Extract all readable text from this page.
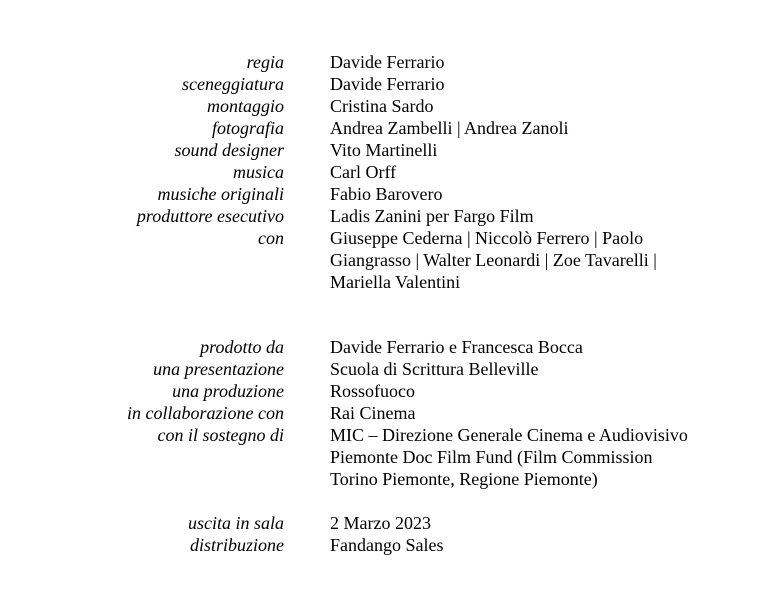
regia	Davide Ferrario
sceneggiatura	Davide Ferrario
montaggio	Cristina Sardo
fotografia	Andrea Zambelli | Andrea Zanoli
sound designer	Vito Martinelli
musica	Carl Orff
musiche originali	Fabio Barovero
produttore esecutivo	Ladis Zanini per Fargo Film
con	Giuseppe Cederna | Niccolò Ferrero | Paolo
Giangrasso | Walter Leonardi | Zoe Tavarelli |
Mariella Valentini
prodotto da	Davide Ferrario e Francesca Bocca
una presentazione	Scuola di Scrittura Belleville
una produzione	Rossofuoco
in collaborazione con	Rai Cinema
con il sostegno di	MIC – Direzione Generale Cinema e Audiovisivo
Piemonte Doc Film Fund (Film Commission
Torino Piemonte, Regione Piemonte)
uscita in sala	2 Marzo 2023
distribuzione	Fandango Sales
